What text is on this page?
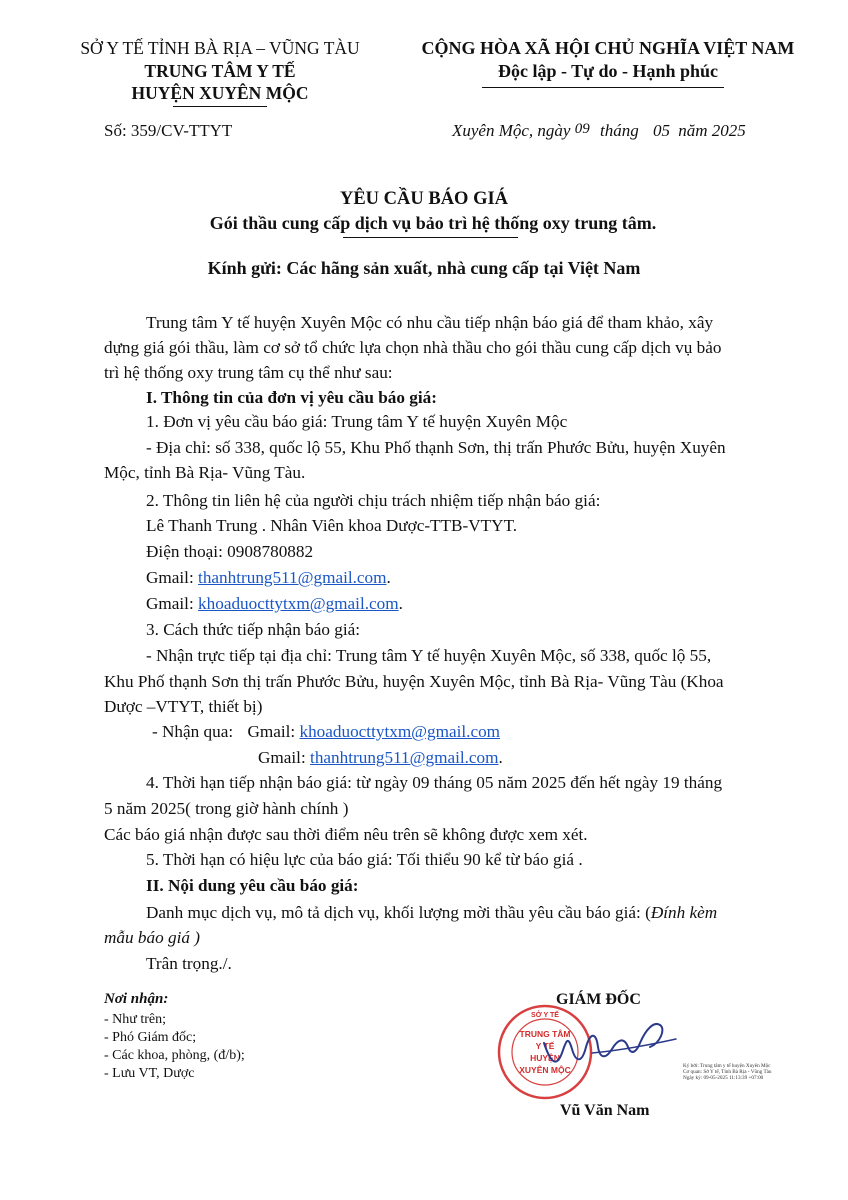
SỞ Y TẾ TỈNH BÀ RỊA – VŨNG TÀU
TRUNG TÂM Y TẾ
HUYỆN XUYÊN MỘC
CỘNG HÒA XÃ HỘI CHỦ NGHĨA VIỆT NAM
Độc lập - Tự do - Hạnh phúc
Số: 359/CV-TTYT	Xuyên Mộc, ngày 09 tháng 05 năm 2025
YÊU CẦU BÁO GIÁ
Gói thầu cung cấp dịch vụ bảo trì hệ thống oxy trung tâm.
Kính gửi: Các hãng sản xuất, nhà cung cấp tại Việt Nam
Trung tâm Y tế huyện Xuyên Mộc có nhu cầu tiếp nhận báo giá để tham khảo, xây
dựng giá gói thầu, làm cơ sở tổ chức lựa chọn nhà thầu cho gói thầu cung cấp dịch vụ bảo
trì hệ thống oxy trung tâm cụ thể như sau:
I. Thông tin của đơn vị yêu cầu báo giá:
1. Đơn vị yêu cầu báo giá: Trung tâm Y tế huyện Xuyên Mộc
- Địa chỉ: số 338, quốc lộ 55, Khu Phố thạnh Sơn, thị trấn Phước Bửu, huyện Xuyên
Mộc, tỉnh Bà Rịa- Vũng Tàu.
2. Thông tin liên hệ của người chịu trách nhiệm tiếp nhận báo giá:
Lê Thanh Trung . Nhân Viên khoa Dược-TTB-VTYT.
Điện thoại: 0908780882
Gmail: thanhtrung511@gmail.com.
Gmail: khoaduocttytxm@gmail.com.
3. Cách thức tiếp nhận báo giá:
- Nhận trực tiếp tại địa chỉ: Trung tâm Y tế huyện Xuyên Mộc, số 338, quốc lộ 55,
Khu Phố thạnh Sơn thị trấn Phước Bửu, huyện Xuyên Mộc, tỉnh Bà Rịa- Vũng Tàu (Khoa
Dược –VTYT, thiết bị)
- Nhận qua: Gmail: khoaduocttytxm@gmail.com
Gmail: thanhtrung511@gmail.com.
4. Thời hạn tiếp nhận báo giá: từ ngày 09 tháng 05 năm 2025 đến hết ngày 19 tháng
5 năm 2025( trong giờ hành chính )
Các báo giá nhận được sau thời điểm nêu trên sẽ không được xem xét.
5. Thời hạn có hiệu lực của báo giá: Tối thiểu 90 kể từ báo giá .
II. Nội dung yêu cầu báo giá:
Danh mục dịch vụ, mô tả dịch vụ, khối lượng mời thầu yêu cầu báo giá: (Đính kèm
mẫu báo giá )
Trân trọng./.
Nơi nhận:
- Như trên;
- Phó Giám đốc;
- Các khoa, phòng, (đ/b);
- Lưu VT, Dược
GIÁM ĐỐC
SỞ Y TẾ
TRUNG TÂM
Y TẾ
HUYỆN
XUYÊN MỘC	Ký bởi: Trung tâm y tế huyện Xuyên Mộc
Cơ quan: Sở Y tế, Tỉnh Bà Rịa - Vũng Tàu
Ngày ký: 09-05-2025 11:13:39 +07:00
Vũ Văn Nam
